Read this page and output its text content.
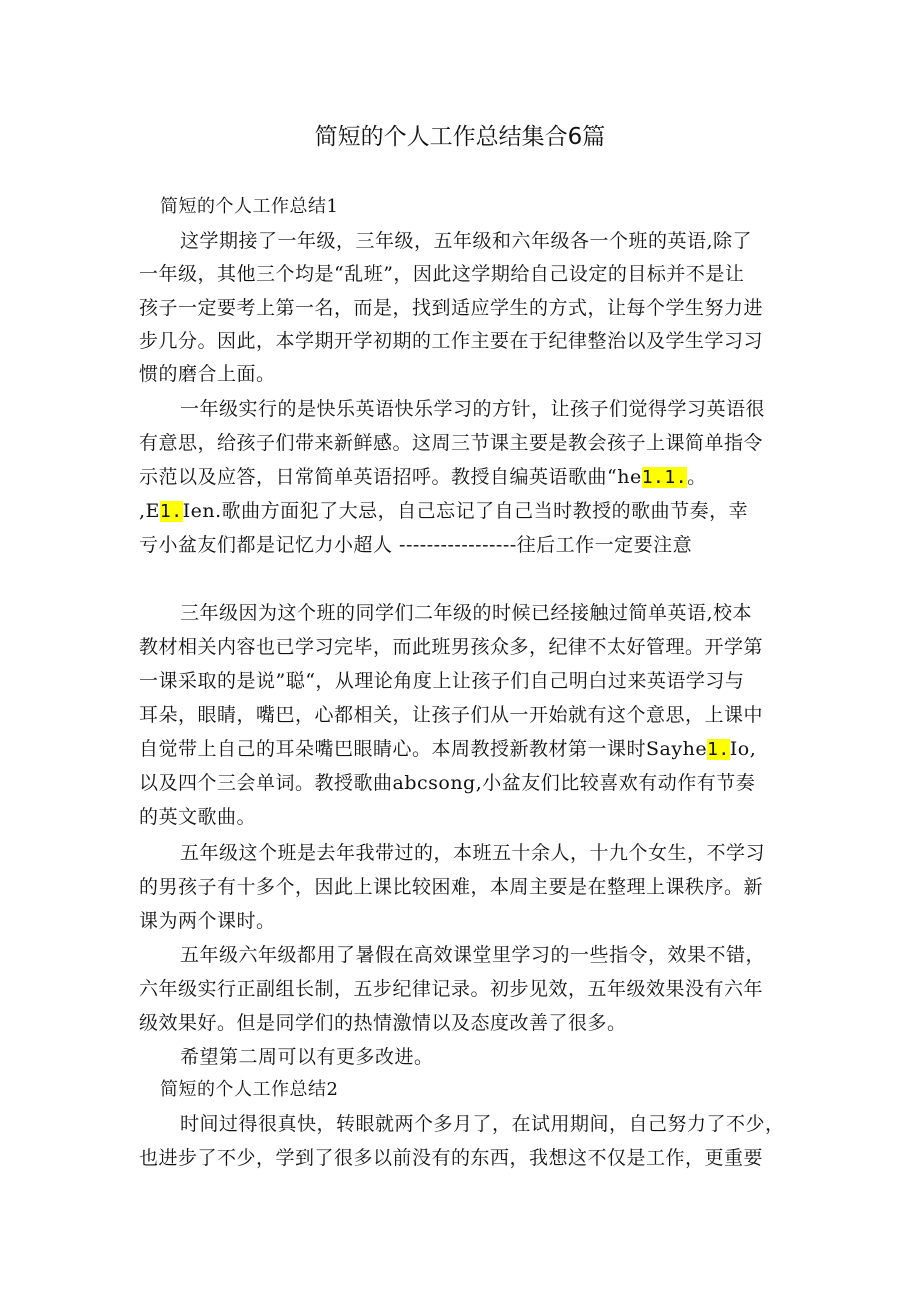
简短的个人工作总结集合6篇
简短的个人工作总结1
这学期接了一年级，三年级，五年级和六年级各一个班的英语,除了
一年级，其他三个均是“乱班”，因此这学期给自己设定的目标并不是让
孩子一定要考上第一名，而是，找到适应学生的方式，让每个学生努力进
步几分。因此，本学期开学初期的工作主要在于纪律整治以及学生学习习
惯的磨合上面。
一年级实行的是快乐英语快乐学习的方针，让孩子们觉得学习英语很
有意思，给孩子们带来新鲜感。这周三节课主要是教会孩子上课简单指令
示范以及应答，日常简单英语招呼。教授自编英语歌曲“he1.1.。
,E1.Ien.歌曲方面犯了大忌，自己忘记了自己当时教授的歌曲节奏，幸
亏小盆友们都是记忆力小超人 -----------------往后工作一定要注意
三年级因为这个班的同学们二年级的时候已经接触过简单英语,校本
教材相关内容也已学习完毕，而此班男孩众多，纪律不太好管理。开学第
一课采取的是说”聪“，从理论角度上让孩子们自己明白过来英语学习与
耳朵，眼睛，嘴巴，心都相关，让孩子们从一开始就有这个意思，上课中
自觉带上自己的耳朵嘴巴眼睛心。本周教授新教材第一课时Sayhe1.Io,
以及四个三会单词。教授歌曲abcsong,小盆友们比较喜欢有动作有节奏
的英文歌曲。
五年级这个班是去年我带过的，本班五十余人，十九个女生，不学习
的男孩子有十多个，因此上课比较困难，本周主要是在整理上课秩序。新
课为两个课时。
五年级六年级都用了暑假在高效课堂里学习的一些指令，效果不错，
六年级实行正副组长制，五步纪律记录。初步见效，五年级效果没有六年
级效果好。但是同学们的热情激情以及态度改善了很多。
希望第二周可以有更多改进。
简短的个人工作总结2
时间过得很真快，转眼就两个多月了，在试用期间，自己努力了不少，
也进步了不少，学到了很多以前没有的东西，我想这不仅是工作，更重要
